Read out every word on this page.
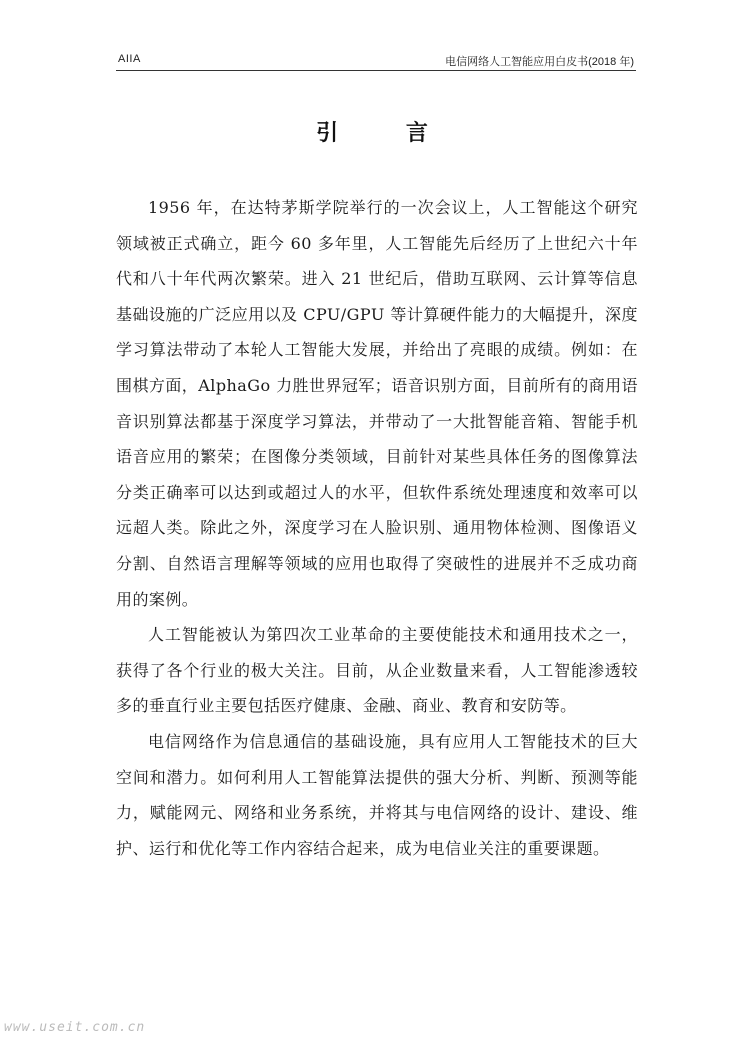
AIIA	电信网络人工智能应用白皮书(2018 年)
引 言

1956 年，在达特茅斯学院举行的一次会议上，人工智能这个研究领域被正式确立，距今 60 多年里，人工智能先后经历了上世纪六十年代和八十年代两次繁荣。进入 21 世纪后，借助互联网、云计算等信息基础设施的广泛应用以及 CPU/GPU 等计算硬件能力的大幅提升，深度学习算法带动了本轮人工智能大发展，并给出了亮眼的成绩。例如：在围棋方面，AlphaGo 力胜世界冠军；语音识别方面，目前所有的商用语音识别算法都基于深度学习算法，并带动了一大批智能音箱、智能手机语音应用的繁荣；在图像分类领域，目前针对某些具体任务的图像算法分类正确率可以达到或超过人的水平，但软件系统处理速度和效率可以远超人类。除此之外，深度学习在人脸识别、通用物体检测、图像语义分割、自然语言理解等领域的应用也取得了突破性的进展并不乏成功商用的案例。

人工智能被认为第四次工业革命的主要使能技术和通用技术之一，获得了各个行业的极大关注。目前，从企业数量来看，人工智能渗透较多的垂直行业主要包括医疗健康、金融、商业、教育和安防等。

电信网络作为信息通信的基础设施，具有应用人工智能技术的巨大空间和潜力。如何利用人工智能算法提供的强大分析、判断、预测等能力，赋能网元、网络和业务系统，并将其与电信网络的设计、建设、维护、运行和优化等工作内容结合起来，成为电信业关注的重要课题。

www.useit.com.cn
